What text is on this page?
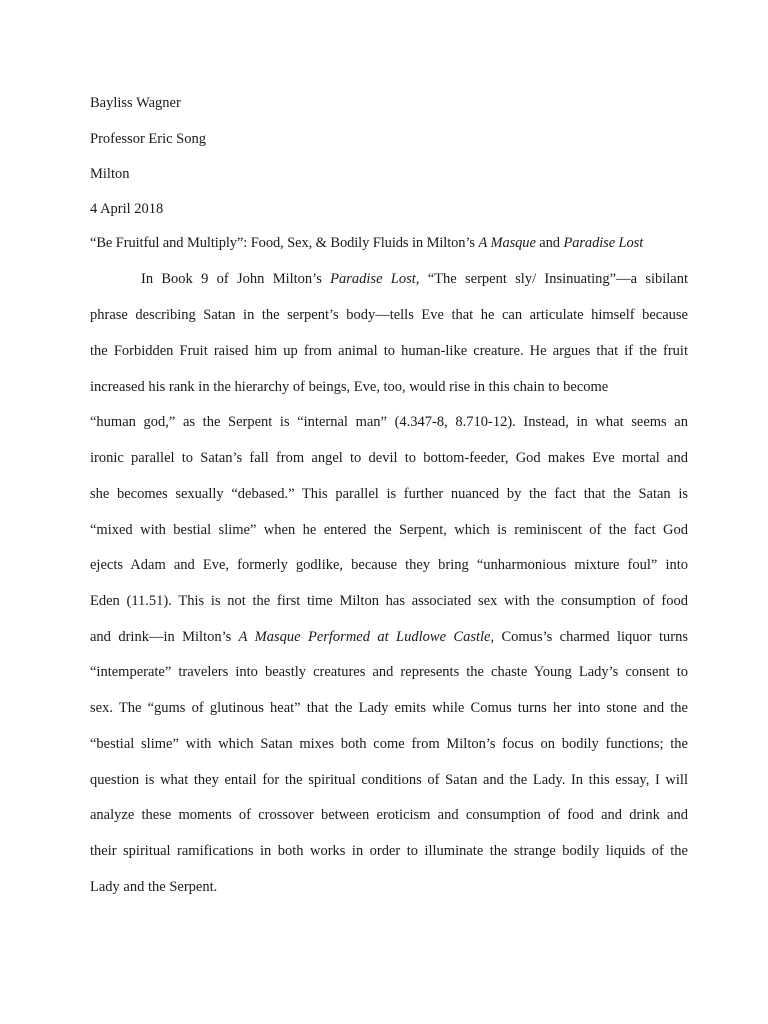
Bayliss Wagner
Professor Eric Song
Milton
4 April 2018
“Be Fruitful and Multiply”: Food, Sex, & Bodily Fluids in Milton’s A Masque and Paradise Lost
In Book 9 of John Milton’s Paradise Lost, “The serpent sly/ Insinuating”—a sibilant
phrase describing Satan in the serpent’s body—tells Eve that he can articulate himself because
the Forbidden Fruit raised him up from animal to human-like creature. He argues that if the fruit
increased his rank in the hierarchy of beings, Eve, too, would rise in this chain to become
“human god,” as the Serpent is “internal man” (4.347-8, 8.710-12). Instead, in what seems an
ironic parallel to Satan’s fall from angel to devil to bottom-feeder, God makes Eve mortal and
she becomes sexually “debased.” This parallel is further nuanced by the fact that the Satan is
“mixed with bestial slime” when he entered the Serpent, which is reminiscent of the fact God
ejects Adam and Eve, formerly godlike, because they bring “unharmonious mixture foul” into
Eden (11.51). This is not the first time Milton has associated sex with the consumption of food
and drink—in Milton’s A Masque Performed at Ludlowe Castle, Comus’s charmed liquor turns
“intemperate” travelers into beastly creatures and represents the chaste Young Lady’s consent to
sex. The “gums of glutinous heat” that the Lady emits while Comus turns her into stone and the
“bestial slime” with which Satan mixes both come from Milton’s focus on bodily functions; the
question is what they entail for the spiritual conditions of Satan and the Lady. In this essay, I will
analyze these moments of crossover between eroticism and consumption of food and drink and
their spiritual ramifications in both works in order to illuminate the strange bodily liquids of the
Lady and the Serpent.
